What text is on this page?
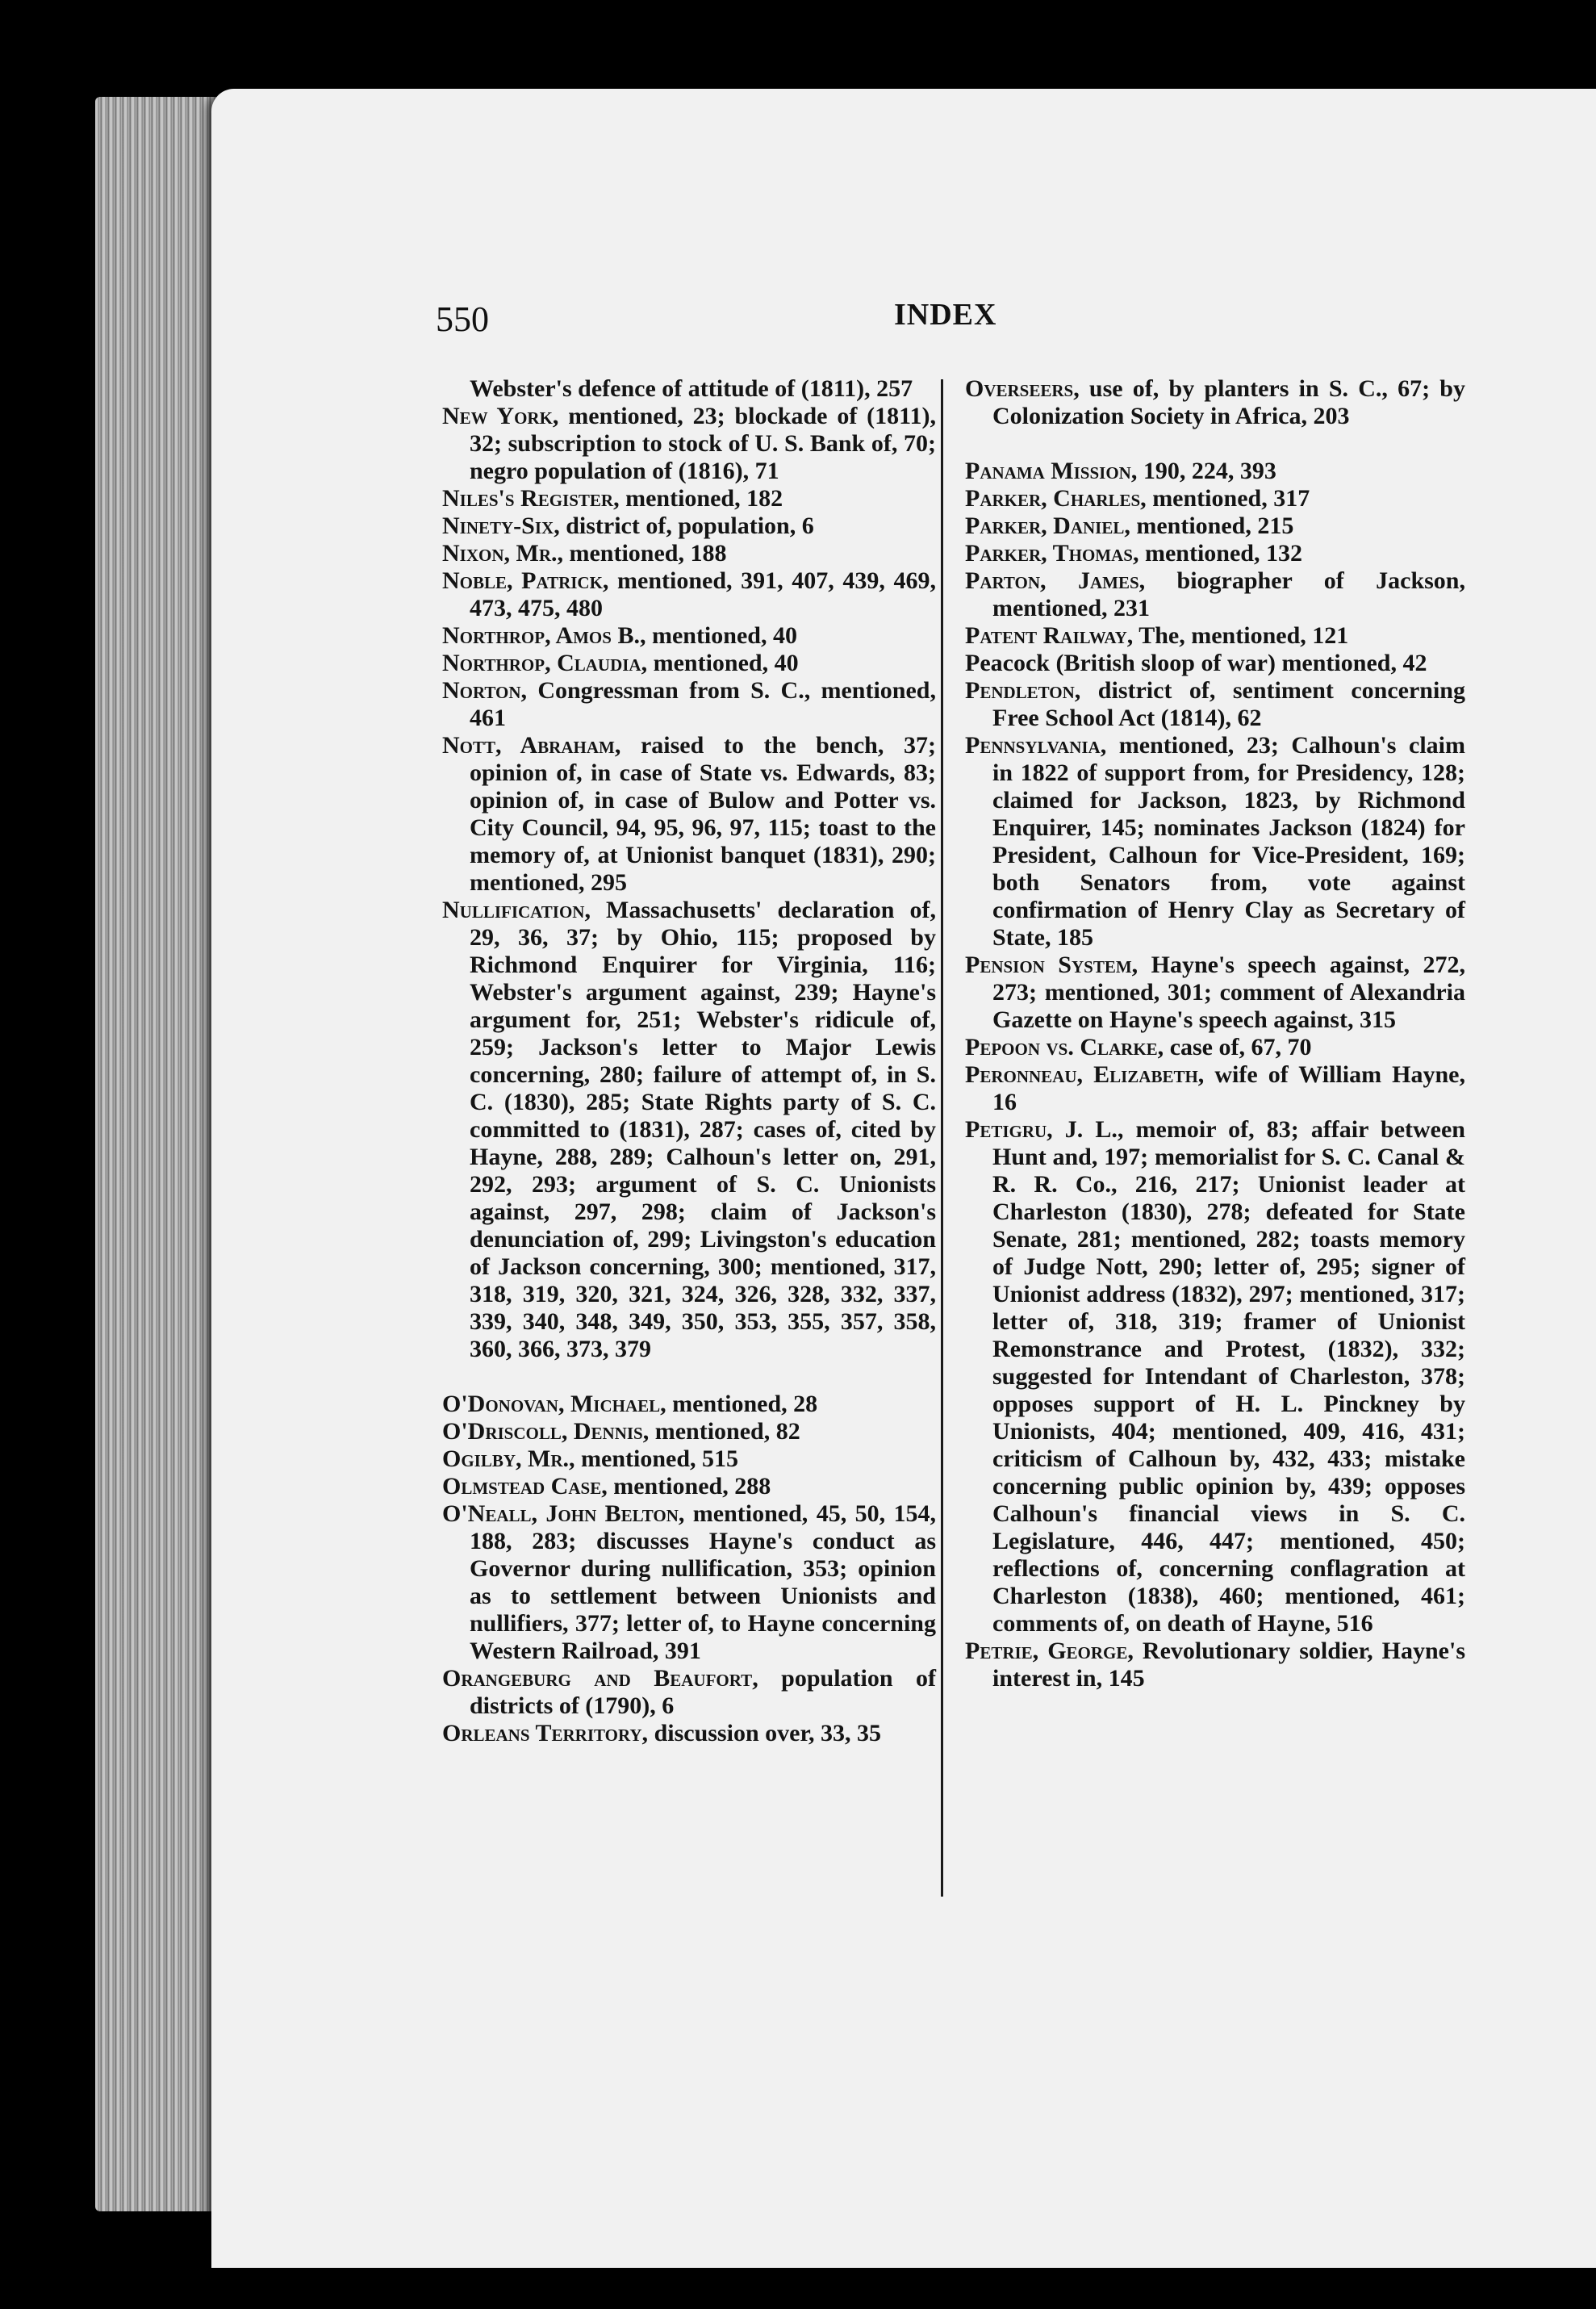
550	INDEX

Webster's defence of attitude of (1811), 257

New York, mentioned, 23; blockade of (1811), 32; subscription to stock of U. S. Bank of, 70; negro population of (1816), 71

Niles's Register, mentioned, 182

Ninety-Six, district of, population, 6

Nixon, Mr., mentioned, 188

Noble, Patrick, mentioned, 391, 407, 439, 469, 473, 475, 480

Northrop, Amos B., mentioned, 40

Northrop, Claudia, mentioned, 40

Norton, Congressman from S. C., mentioned, 461

Nott, Abraham, raised to the bench, 37; opinion of, in case of State vs. Edwards, 83; opinion of, in case of Bulow and Potter vs. City Council, 94, 95, 96, 97, 115; toast to the memory of, at Unionist banquet (1831), 290; mentioned, 295

Nullification, Massachusetts' declaration of, 29, 36, 37; by Ohio, 115; proposed by Richmond Enquirer for Virginia, 116; Webster's argument against, 239; Hayne's argument for, 251; Webster's ridicule of, 259; Jackson's letter to Major Lewis concerning, 280; failure of attempt of, in S. C. (1830), 285; State Rights party of S. C. committed to (1831), 287; cases of, cited by Hayne, 288, 289; Calhoun's letter on, 291, 292, 293; argument of S. C. Unionists against, 297, 298; claim of Jackson's denunciation of, 299; Livingston's education of Jackson concerning, 300; mentioned, 317, 318, 319, 320, 321, 324, 326, 328, 332, 337, 339, 340, 348, 349, 350, 353, 355, 357, 358, 360, 366, 373, 379

O'Donovan, Michael, mentioned, 28

O'Driscoll, Dennis, mentioned, 82

Ogilby, Mr., mentioned, 515

Olmstead Case, mentioned, 288

O'Neall, John Belton, mentioned, 45, 50, 154, 188, 283; discusses Hayne's conduct as Governor during nullification, 353; opinion as to settlement between Unionists and nullifiers, 377; letter of, to Hayne concerning Western Railroad, 391

Orangeburg and Beaufort, population of districts of (1790), 6

Orleans Territory, discussion over, 33, 35

Overseers, use of, by planters in S. C., 67; by Colonization Society in Africa, 203

Panama Mission, 190, 224, 393

Parker, Charles, mentioned, 317

Parker, Daniel, mentioned, 215

Parker, Thomas, mentioned, 132

Parton, James, biographer of Jackson, mentioned, 231

Patent Railway, The, mentioned, 121

Peacock (British sloop of war) mentioned, 42

Pendleton, district of, sentiment concerning Free School Act (1814), 62

Pennsylvania, mentioned, 23; Calhoun's claim in 1822 of support from, for Presidency, 128; claimed for Jackson, 1823, by Richmond Enquirer, 145; nominates Jackson (1824) for President, Calhoun for Vice-President, 169; both Senators from, vote against confirmation of Henry Clay as Secretary of State, 185

Pension System, Hayne's speech against, 272, 273; mentioned, 301; comment of Alexandria Gazette on Hayne's speech against, 315

Pepoon vs. Clarke, case of, 67, 70

Peronneau, Elizabeth, wife of William Hayne, 16

Petigru, J. L., memoir of, 83; affair between Hunt and, 197; memorialist for S. C. Canal & R. R. Co., 216, 217; Unionist leader at Charleston (1830), 278; defeated for State Senate, 281; mentioned, 282; toasts memory of Judge Nott, 290; letter of, 295; signer of Unionist address (1832), 297; mentioned, 317; letter of, 318, 319; framer of Unionist Remonstrance and Protest, (1832), 332; suggested for Intendant of Charleston, 378; opposes support of H. L. Pinckney by Unionists, 404; mentioned, 409, 416, 431; criticism of Calhoun by, 432, 433; mistake concerning public opinion by, 439; opposes Calhoun's financial views in S. C. Legislature, 446, 447; mentioned, 450; reflections of, concerning conflagration at Charleston (1838), 460; mentioned, 461; comments of, on death of Hayne, 516

Petrie, George, Revolutionary soldier, Hayne's interest in, 145
